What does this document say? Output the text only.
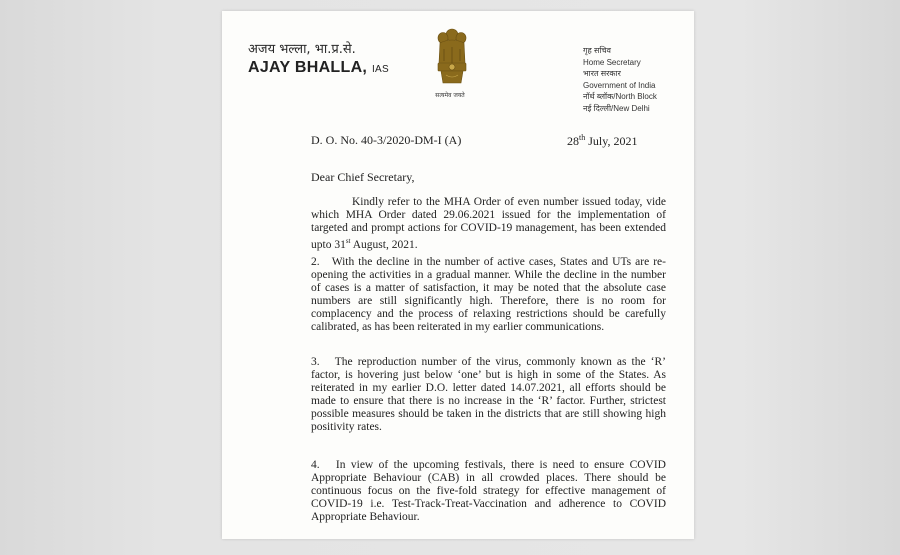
अजय भल्ला, भा.प्र.से.
AJAY BHALLA, IAS
सत्यमेव जयते
गृह सचिव
Home Secretary
भारत सरकार
Government of India
नॉर्थ ब्लॉक/North Block
नई दिल्ली/New Delhi
D. O. No. 40-3/2020-DM-I (A)	28th July, 2021
Dear Chief Secretary,
Kindly refer to the MHA Order of even number issued today, vide which MHA Order dated 29.06.2021 issued for the implementation of targeted and prompt actions for COVID-19 management, has been extended upto 31st August, 2021.
2.   With the decline in the number of active cases, States and UTs are re-opening the activities in a gradual manner. While the decline in the number of cases is a matter of satisfaction, it may be noted that the absolute case numbers are still significantly high. Therefore, there is no room for complacency and the process of relaxing restrictions should be carefully calibrated, as has been reiterated in my earlier communications.
3.   The reproduction number of the virus, commonly known as the ‘R’ factor, is hovering just below ‘one’ but is high in some of the States. As reiterated in my earlier D.O. letter dated 14.07.2021, all efforts should be made to ensure that there is no increase in the ‘R’ factor. Further, strictest possible measures should be taken in the districts that are still showing high positivity rates.
4.   In view of the upcoming festivals, there is need to ensure COVID Appropriate Behaviour (CAB) in all crowded places. There should be continuous focus on the five-fold strategy for effective management of COVID-19 i.e. Test-Track-Treat-Vaccination and adherence to COVID Appropriate Behaviour.
